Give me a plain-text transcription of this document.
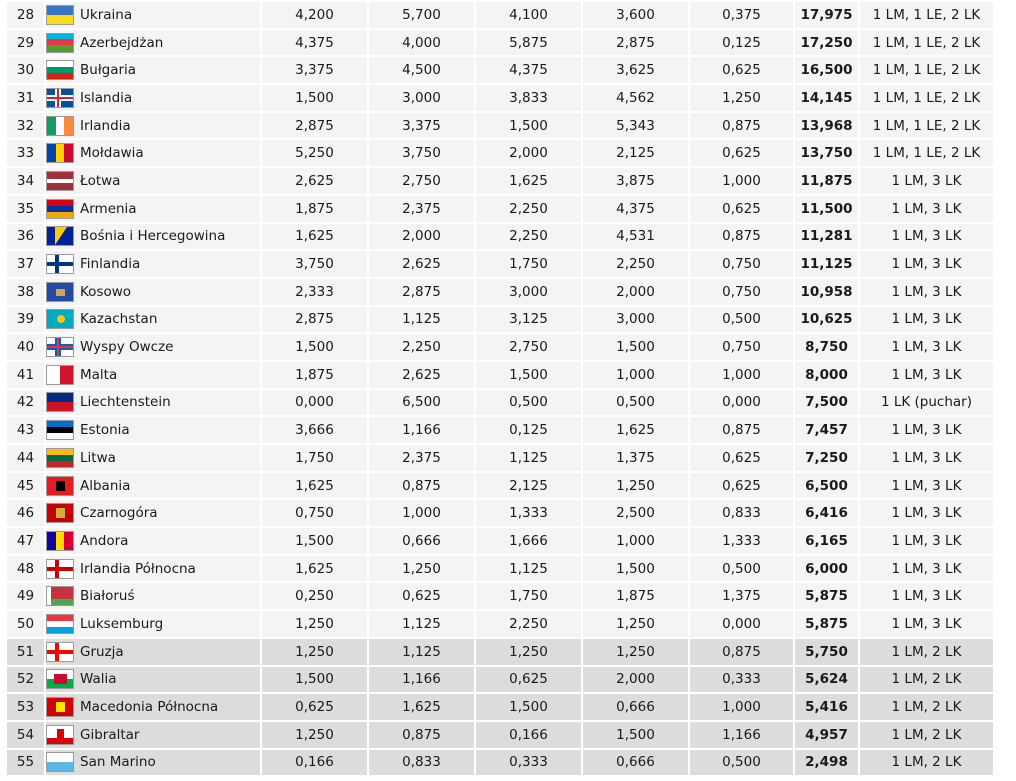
28	Ukraina	4,200	5,700	4,100	3,600	0,375	17,975	1 LM, 1 LE, 2 LK
29	Azerbejdżan	4,375	4,000	5,875	2,875	0,125	17,250	1 LM, 1 LE, 2 LK
30	Bułgaria	3,375	4,500	4,375	3,625	0,625	16,500	1 LM, 1 LE, 2 LK
31	Islandia	1,500	3,000	3,833	4,562	1,250	14,145	1 LM, 1 LE, 2 LK
32	Irlandia	2,875	3,375	1,500	5,343	0,875	13,968	1 LM, 1 LE, 2 LK
33	Mołdawia	5,250	3,750	2,000	2,125	0,625	13,750	1 LM, 1 LE, 2 LK
34	Łotwa	2,625	2,750	1,625	3,875	1,000	11,875	1 LM, 3 LK
35	Armenia	1,875	2,375	2,250	4,375	0,625	11,500	1 LM, 3 LK
36	Bośnia i Hercegowina	1,625	2,000	2,250	4,531	0,875	11,281	1 LM, 3 LK
37	Finlandia	3,750	2,625	1,750	2,250	0,750	11,125	1 LM, 3 LK
38	Kosowo	2,333	2,875	3,000	2,000	0,750	10,958	1 LM, 3 LK
39	Kazachstan	2,875	1,125	3,125	3,000	0,500	10,625	1 LM, 3 LK
40	Wyspy Owcze	1,500	2,250	2,750	1,500	0,750	8,750	1 LM, 3 LK
41	Malta	1,875	2,625	1,500	1,000	1,000	8,000	1 LM, 3 LK
42	Liechtenstein	0,000	6,500	0,500	0,500	0,000	7,500	1 LK (puchar)
43	Estonia	3,666	1,166	0,125	1,625	0,875	7,457	1 LM, 3 LK
44	Litwa	1,750	2,375	1,125	1,375	0,625	7,250	1 LM, 3 LK
45	Albania	1,625	0,875	2,125	1,250	0,625	6,500	1 LM, 3 LK
46	Czarnogóra	0,750	1,000	1,333	2,500	0,833	6,416	1 LM, 3 LK
47	Andora	1,500	0,666	1,666	1,000	1,333	6,165	1 LM, 3 LK
48	Irlandia Północna	1,625	1,250	1,125	1,500	0,500	6,000	1 LM, 3 LK
49	Białoruś	0,250	0,625	1,750	1,875	1,375	5,875	1 LM, 3 LK
50	Luksemburg	1,250	1,125	2,250	1,250	0,000	5,875	1 LM, 3 LK
51	Gruzja	1,250	1,125	1,250	1,250	0,875	5,750	1 LM, 2 LK
52	Walia	1,500	1,166	0,625	2,000	0,333	5,624	1 LM, 2 LK
53	Macedonia Północna	0,625	1,625	1,500	0,666	1,000	5,416	1 LM, 2 LK
54	Gibraltar	1,250	0,875	0,166	1,500	1,166	4,957	1 LM, 2 LK
55	San Marino	0,166	0,833	0,333	0,666	0,500	2,498	1 LM, 2 LK
